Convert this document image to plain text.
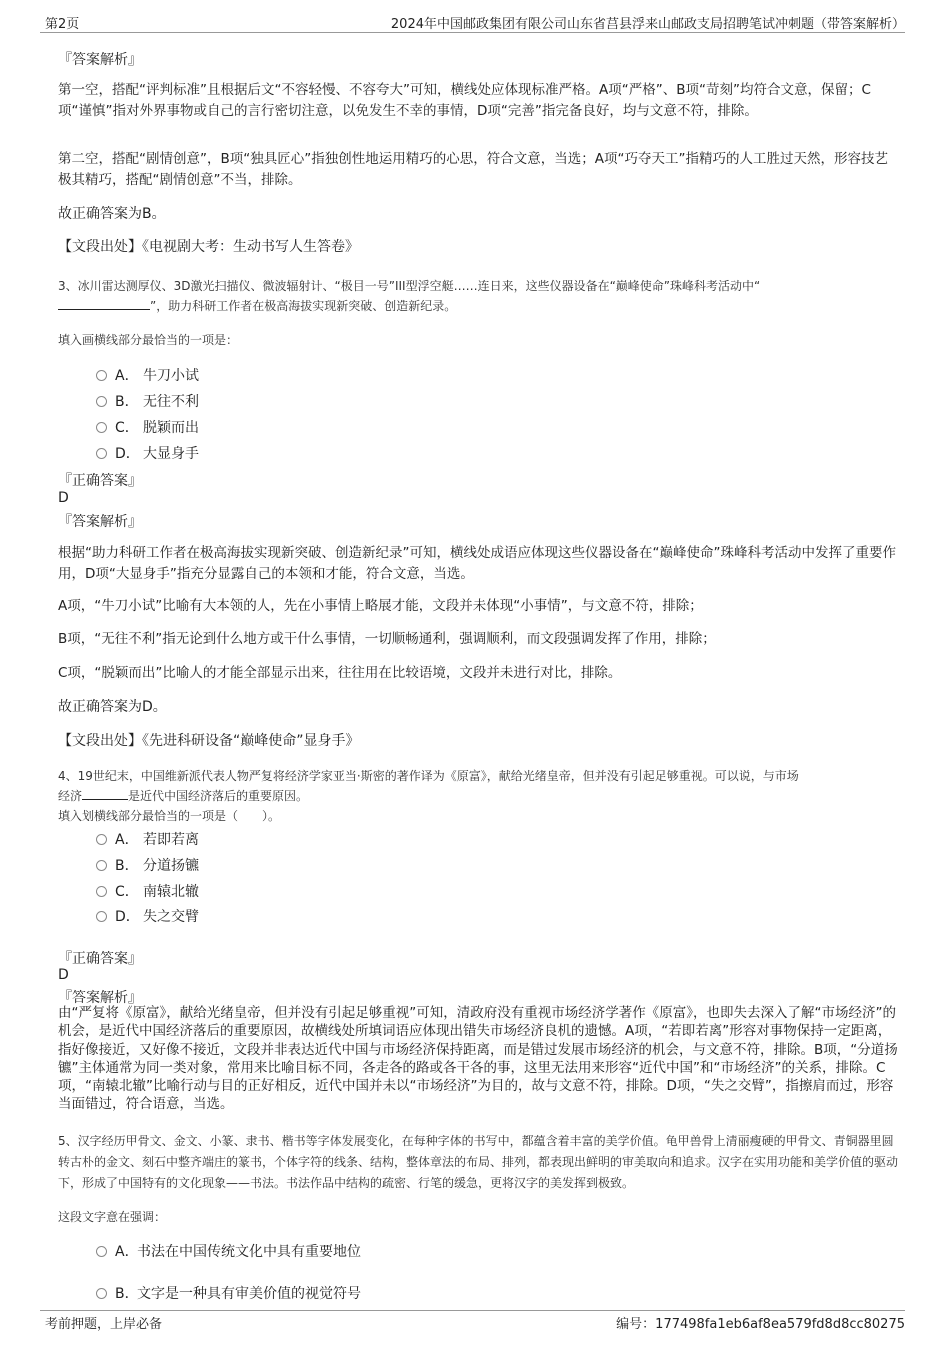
第2页	2024年中国邮政集团有限公司山东省莒县浮来山邮政支局招聘笔试冲刺题（带答案解析）
『答案解析』
第一空，搭配“评判标准”且根据后文“不容轻慢、不容夸大”可知，横线处应体现标准严格。A项“严格”、B项“苛刻”均符合文意，保留；C项“谨慎”指对外界事物或自己的言行密切注意，以免发生不幸的事情，D项“完善”指完备良好，均与文意不符，排除。
第二空，搭配“剧情创意”，B项“独具匠心”指独创性地运用精巧的心思，符合文意，当选；A项“巧夺天工”指精巧的人工胜过天然，形容技艺极其精巧，搭配“剧情创意”不当，排除。
故正确答案为B。
【文段出处】《电视剧大考：生动书写人生答卷》
3、冰川雷达测厚仪、3D激光扫描仪、微波辐射计、“极目一号”III型浮空艇……连日来，这些仪器设备在“巅峰使命”珠峰科考活动中“
”，助力科研工作者在极高海拔实现新突破、创造新纪录。
填入画横线部分最恰当的一项是：
A． 牛刀小试
B． 无往不利
C． 脱颖而出
D． 大显身手
『正确答案』
D
『答案解析』
根据“助力科研工作者在极高海拔实现新突破、创造新纪录”可知，横线处成语应体现这些仪器设备在“巅峰使命”珠峰科考活动中发挥了重要作用，D项“大显身手”指充分显露自己的本领和才能，符合文意，当选。
A项，“牛刀小试”比喻有大本领的人，先在小事情上略展才能，文段并未体现“小事情”，与文意不符，排除；
B项，“无往不利”指无论到什么地方或干什么事情，一切顺畅通利，强调顺利，而文段强调发挥了作用，排除；
C项，“脱颖而出”比喻人的才能全部显示出来，往往用在比较语境，文段并未进行对比，排除。
故正确答案为D。
【文段出处】《先进科研设备“巅峰使命”显身手》
4、19世纪末，中国维新派代表人物严复将经济学家亚当·斯密的著作译为《原富》，献给光绪皇帝，但并没有引起足够重视。可以说，与市场
经济	是近代中国经济落后的重要原因。
填入划横线部分最恰当的一项是（　　）。
A． 若即若离
B． 分道扬镳
C． 南辕北辙
D． 失之交臂
『正确答案』
D
『答案解析』
由“严复将《原富》，献给光绪皇帝，但并没有引起足够重视”可知，清政府没有重视市场经济学著作《原富》，也即失去深入了解“市场经济”的机会，是近代中国经济落后的重要原因，故横线处所填词语应体现出错失市场经济良机的遗憾。A项，“若即若离”形容对事物保持一定距离，指好像接近，又好像不接近，文段并非表达近代中国与市场经济保持距离，而是错过发展市场经济的机会，与文意不符，排除。B项，“分道扬镳”主体通常为同一类对象，常用来比喻目标不同，各走各的路或各干各的事，这里无法用来形容“近代中国”和“市场经济”的关系，排除。C项，“南辕北辙”比喻行动与目的正好相反，近代中国并未以“市场经济”为目的，故与文意不符，排除。D项，“失之交臂”，指擦肩而过，形容当面错过，符合语意，当选。
5、汉字经历甲骨文、金文、小篆、隶书、楷书等字体发展变化，在每种字体的书写中，都蕴含着丰富的美学价值。龟甲兽骨上清丽瘦硬的甲骨文、青铜器里圆转古朴的金文、刻石中整齐端庄的篆书，个体字符的线条、结构，整体章法的布局、排列，都表现出鲜明的审美取向和追求。汉字在实用功能和美学价值的驱动下，形成了中国特有的文化现象——书法。书法作品中结构的疏密、行笔的缓急，更将汉字的美发挥到极致。
这段文字意在强调：
A．
书法在中国传统文化中具有重要地位
B．
文字是一种具有审美价值的视觉符号
考前押题，上岸必备	编号：177498fa1eb6af8ea579fd8d8cc80275
